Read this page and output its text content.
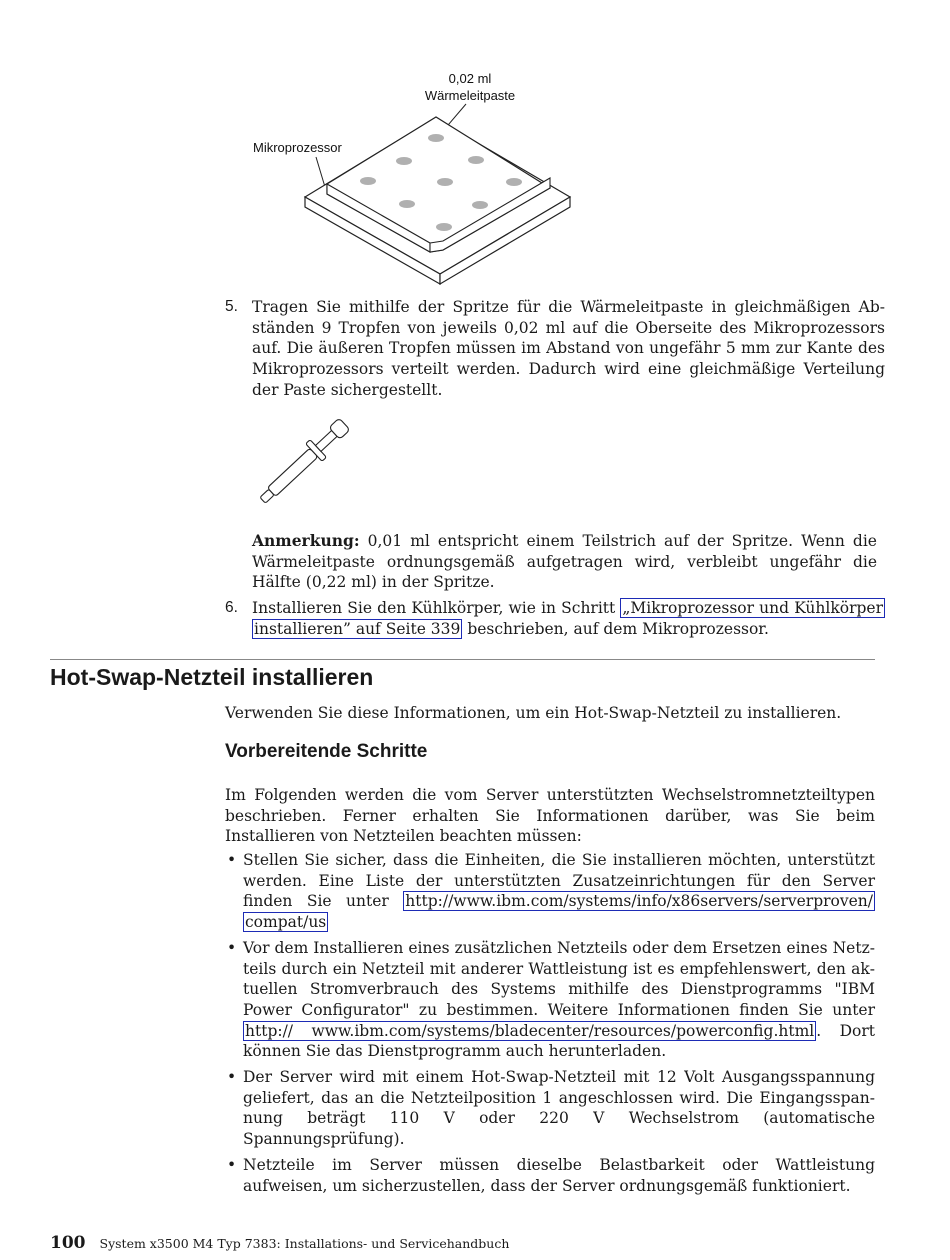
0,02 ml
Wärmeleitpaste
Mikroprozessor
5. Tragen Sie mithilfe der Spritze für die Wärmeleitpaste in gleichmäßigen Abständen 9 Tropfen von jeweils 0,02 ml auf die Oberseite des Mikroprozessors auf. Die äußeren Tropfen müssen im Abstand von ungefähr 5 mm zur Kante des Mikroprozessors verteilt werden. Dadurch wird eine gleichmäßige Verteilung der Paste sichergestellt.
Anmerkung: 0,01 ml entspricht einem Teilstrich auf der Spritze. Wenn die Wärmeleitpaste ordnungsgemäß aufgetragen wird, verbleibt ungefähr die Hälfte (0,22 ml) in der Spritze.
6. Installieren Sie den Kühlkörper, wie in Schritt „Mikroprozessor und Kühlkörper installieren” auf Seite 339 beschrieben, auf dem Mikroprozessor.
Hot-Swap-Netzteil installieren
Verwenden Sie diese Informationen, um ein Hot-Swap-Netzteil zu installieren.
Vorbereitende Schritte
Im Folgenden werden die vom Server unterstützten Wechselstromnetzteiltypen beschrieben. Ferner erhalten Sie Informationen darüber, was Sie beim Installieren von Netzteilen beachten müssen:
• Stellen Sie sicher, dass die Einheiten, die Sie installieren möchten, unterstützt werden. Eine Liste der unterstützten Zusatzeinrichtungen für den Server finden Sie unter http://www.ibm.com/systems/info/x86servers/serverproven/ compat/us
• Vor dem Installieren eines zusätzlichen Netzteils oder dem Ersetzen eines Netzteils durch ein Netzteil mit anderer Wattleistung ist es empfehlenswert, den aktuellen Stromverbrauch des Systems mithilfe des Dienstprogramms "IBM Power Configurator" zu bestimmen. Weitere Informationen finden Sie unter http:// www.ibm.com/systems/bladecenter/resources/powerconfig.html . Dort können Sie das Dienstprogramm auch herunterladen.
• Der Server wird mit einem Hot-Swap-Netzteil mit 12 Volt Ausgangsspannung geliefert, das an die Netzteilposition 1 angeschlossen wird. Die Eingangsspannung beträgt 110 V oder 220 V Wechselstrom (automatische Spannungsprüfung).
• Netzteile im Server müssen dieselbe Belastbarkeit oder Wattleistung aufweisen, um sicherzustellen, dass der Server ordnungsgemäß funktioniert.
100 System x3500 M4 Typ 7383: Installations- und Servicehandbuch
